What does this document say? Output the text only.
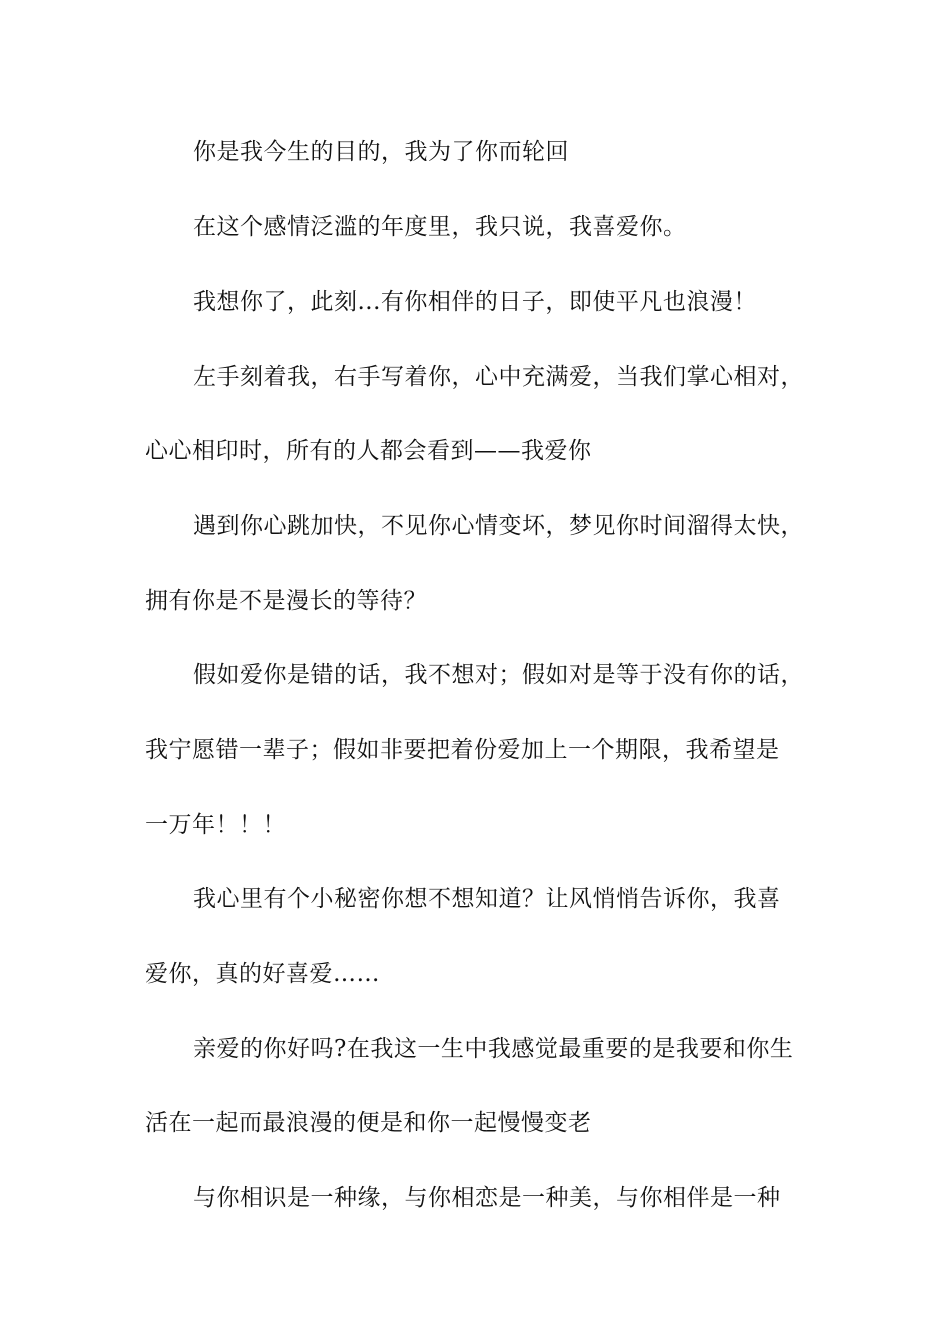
你是我今生的目的，我为了你而轮回
在这个感情泛滥的年度里，我只说，我喜爱你。
我想你了，此刻...有你相伴的日子，即使平凡也浪漫！
左手刻着我，右手写着你，心中充满爱，当我们掌心相对，
心心相印时，所有的人都会看到——我爱你
遇到你心跳加快，不见你心情变坏，梦见你时间溜得太快，
拥有你是不是漫长的等待？
假如爱你是错的话，我不想对；假如对是等于没有你的话，
我宁愿错一辈子；假如非要把着份爱加上一个期限，我希望是
一万年！！！
我心里有个小秘密你想不想知道？让风悄悄告诉你，我喜
爱你，真的好喜爱……
亲爱的你好吗?在我这一生中我感觉最重要的是我要和你生
活在一起而最浪漫的便是和你一起慢慢变老
与你相识是一种缘，与你相恋是一种美，与你相伴是一种
